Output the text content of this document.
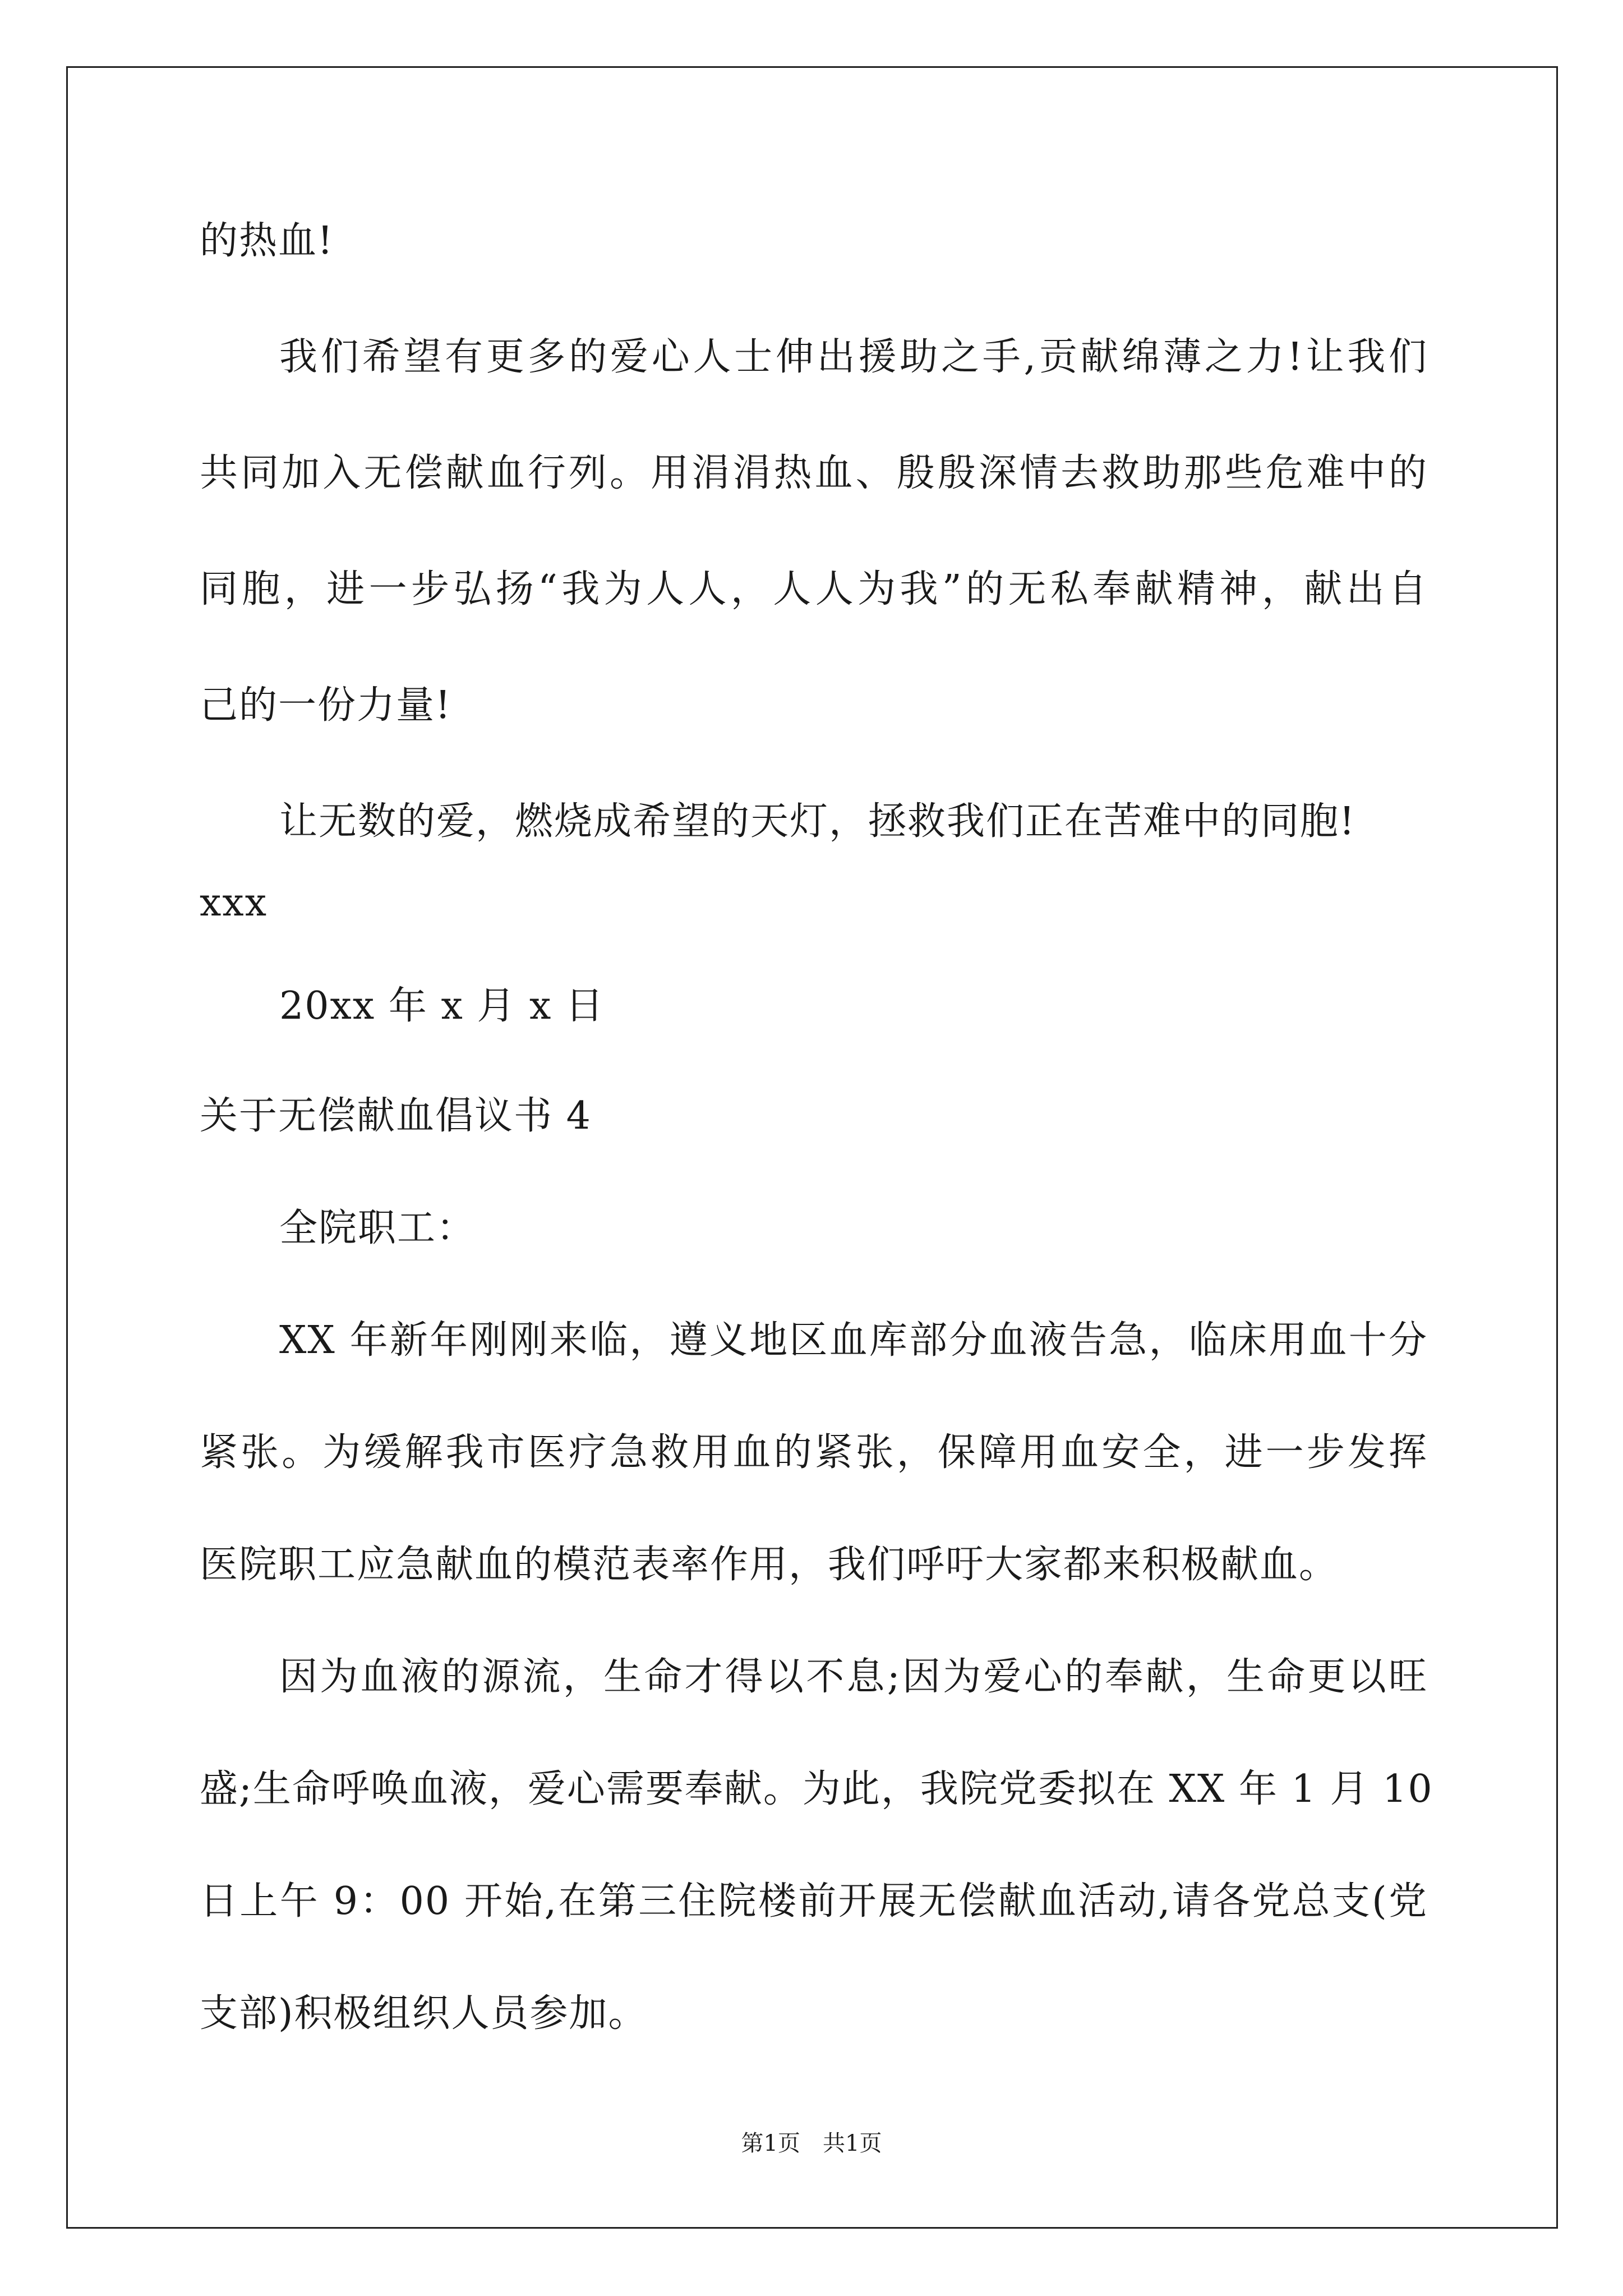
的热血!
我们希望有更多的爱心人士伸出援助之手,贡献绵薄之力!让我们
共同加入无偿献血行列。用涓涓热血、殷殷深情去救助那些危难中的
同胞，进一步弘扬“我为人人，人人为我”的无私奉献精神，献出自
己的一份力量!
让无数的爱，燃烧成希望的天灯，拯救我们正在苦难中的同胞!
xxx
20xx 年 x 月 x 日
关于无偿献血倡议书 4
全院职工：
XX 年新年刚刚来临，遵义地区血库部分血液告急，临床用血十分
紧张。为缓解我市医疗急救用血的紧张，保障用血安全，进一步发挥
医院职工应急献血的模范表率作用，我们呼吁大家都来积极献血。
因为血液的源流，生命才得以不息;因为爱心的奉献，生命更以旺
盛;生命呼唤血液，爱心需要奉献。为此，我院党委拟在 XX 年 1 月 10
日上午 9：00 开始,在第三住院楼前开展无偿献血活动,请各党总支(党
支部)积极组织人员参加。
第1页　共1页
